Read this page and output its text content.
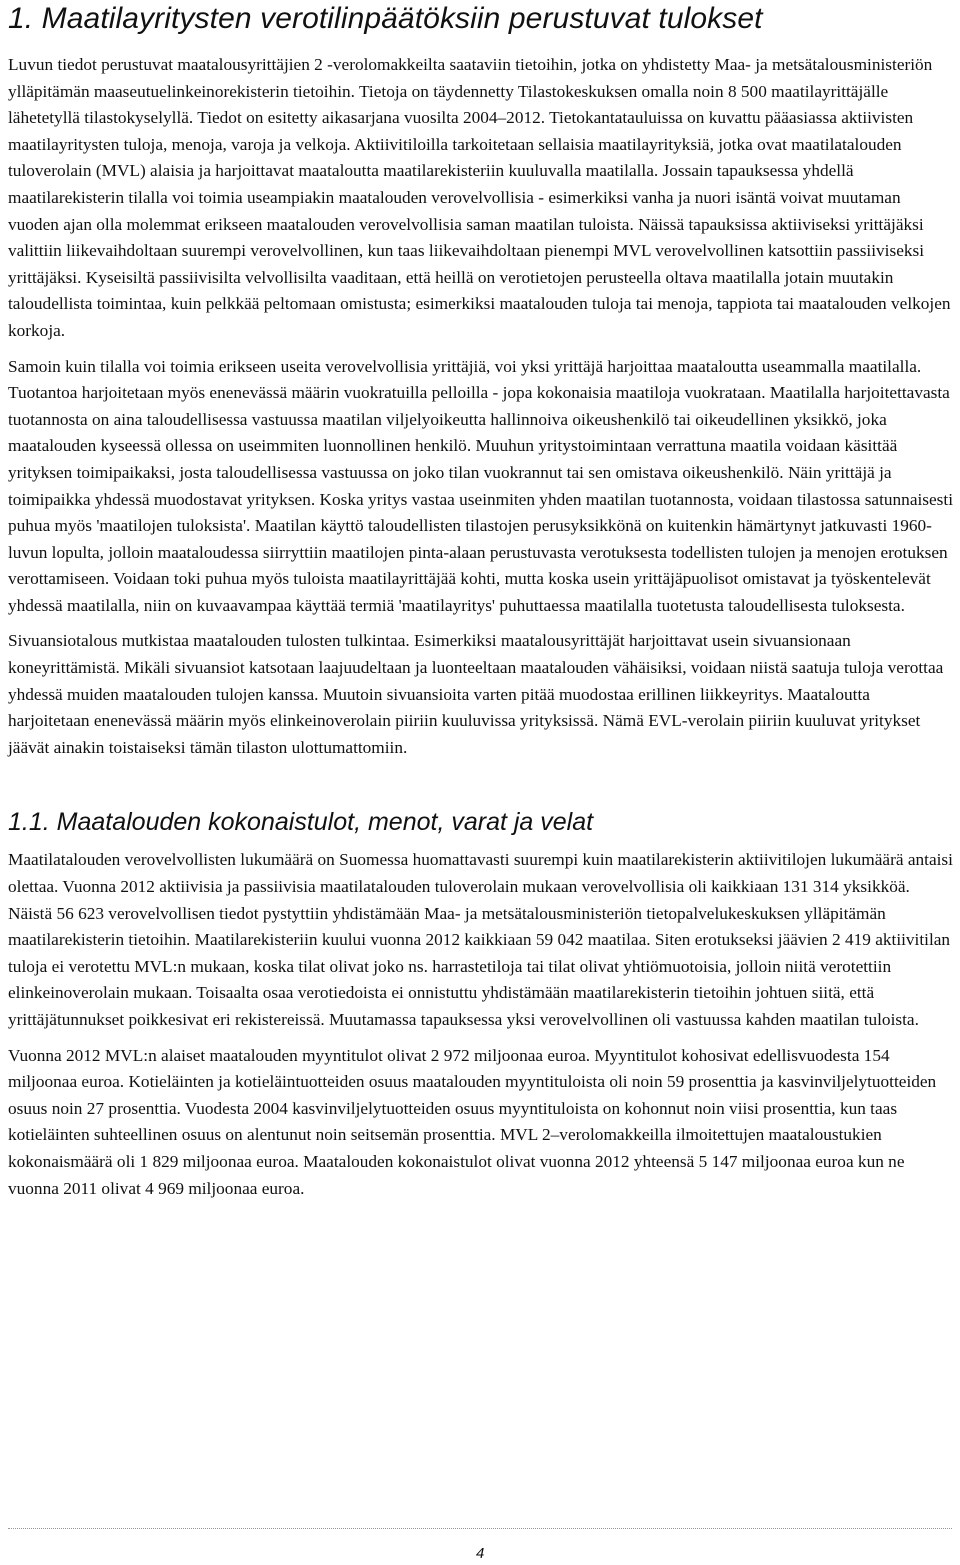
1. Maatilayritysten verotilinpäätöksiin perustuvat tulokset

Luvun tiedot perustuvat maatalousyrittäjien 2 -verolomakkeilta saataviin tietoihin, jotka on yhdistetty Maa- ja metsätalousministeriön ylläpitämän maaseutuelinkeinorekisterin tietoihin. Tietoja on täydennetty Tilastokeskuksen omalla noin 8 500 maatilayrittäjälle lähetetyllä tilastokyselyllä. Tiedot on esitetty aikasarjana vuosilta 2004–2012. Tietokantatauluissa on kuvattu pääasiassa aktiivisten maatilayritysten tuloja, menoja, varoja ja velkoja. Aktiivitiloilla tarkoitetaan sellaisia maatilayrityksiä, jotka ovat maatilatalouden tuloverolain (MVL) alaisia ja harjoittavat maataloutta maatilarekisteriin kuuluvalla maatilalla. Jossain tapauksessa yhdellä maatilarekisterin tilalla voi toimia useampiakin maatalouden verovelvollisia - esimerkiksi vanha ja nuori isäntä voivat muutaman vuoden ajan olla molemmat erikseen maatalouden verovelvollisia saman maatilan tuloista. Näissä tapauksissa aktiiviseksi yrittäjäksi valittiin liikevaihdoltaan suurempi verovelvollinen, kun taas liikevaihdoltaan pienempi MVL verovelvollinen katsottiin passiiviseksi yrittäjäksi. Kyseisiltä passiivisilta velvollisilta vaaditaan, että heillä on verotietojen perusteella oltava maatilalla jotain muutakin taloudellista toimintaa, kuin pelkkää peltomaan omistusta; esimerkiksi maatalouden tuloja tai menoja, tappiota tai maatalouden velkojen korkoja.

Samoin kuin tilalla voi toimia erikseen useita verovelvollisia yrittäjiä, voi yksi yrittäjä harjoittaa maataloutta useammalla maatilalla. Tuotantoa harjoitetaan myös enenevässä määrin vuokratuilla pelloilla - jopa kokonaisia maatiloja vuokrataan. Maatilalla harjoitettavasta tuotannosta on aina taloudellisessa vastuussa maatilan viljelyoikeutta hallinnoiva oikeushenkilö tai oikeudellinen yksikkö, joka maatalouden kyseessä ollessa on useimmiten luonnollinen henkilö. Muuhun yritystoimintaan verrattuna maatila voidaan käsittää yrityksen toimipaikaksi, josta taloudellisessa vastuussa on joko tilan vuokrannut tai sen omistava oikeushenkilö. Näin yrittäjä ja toimipaikka yhdessä muodostavat yrityksen. Koska yritys vastaa useinmiten yhden maatilan tuotannosta, voidaan tilastossa satunnaisesti puhua myös 'maatilojen tuloksista'. Maatilan käyttö taloudellisten tilastojen perusyksikkönä on kuitenkin hämärtynyt jatkuvasti 1960-luvun lopulta, jolloin maataloudessa siirryttiin maatilojen pinta-alaan perustuvasta verotuksesta todellisten tulojen ja menojen erotuksen verottamiseen. Voidaan toki puhua myös tuloista maatilayrittäjää kohti, mutta koska usein yrittäjäpuolisot omistavat ja työskentelevät yhdessä maatilalla, niin on kuvaavampaa käyttää termiä 'maatilayritys' puhuttaessa maatilalla tuotetusta taloudellisesta tuloksesta.

Sivuansiotalous mutkistaa maatalouden tulosten tulkintaa. Esimerkiksi maatalousyrittäjät harjoittavat usein sivuansionaan koneyrittämistä. Mikäli sivuansiot katsotaan laajuudeltaan ja luonteeltaan maatalouden vähäisiksi, voidaan niistä saatuja tuloja verottaa yhdessä muiden maatalouden tulojen kanssa. Muutoin sivuansioita varten pitää muodostaa erillinen liikkeyritys. Maataloutta harjoitetaan enenevässä määrin myös elinkeinoverolain piiriin kuuluvissa yrityksissä. Nämä EVL-verolain piiriin kuuluvat yritykset jäävät ainakin toistaiseksi tämän tilaston ulottumattomiin.

1.1. Maatalouden kokonaistulot, menot, varat ja velat

Maatilatalouden verovelvollisten lukumäärä on Suomessa huomattavasti suurempi kuin maatilarekisterin aktiivitilojen lukumäärä antaisi olettaa. Vuonna 2012 aktiivisia ja passiivisia maatilatalouden tuloverolain mukaan verovelvollisia oli kaikkiaan 131 314 yksikköä. Näistä 56 623 verovelvollisen tiedot pystyttiin yhdistämään Maa- ja metsätalousministeriön tietopalvelukeskuksen ylläpitämän maatilarekisterin tietoihin. Maatilarekisteriin kuului vuonna 2012 kaikkiaan 59 042 maatilaa. Siten erotukseksi jäävien 2 419 aktiivitilan tuloja ei verotettu MVL:n mukaan, koska tilat olivat joko ns. harrastetiloja tai tilat olivat yhtiömuotoisia, jolloin niitä verotettiin elinkeinoverolain mukaan. Toisaalta osaa verotiedoista ei onnistuttu yhdistämään maatilarekisterin tietoihin johtuen siitä, että yrittäjätunnukset poikkesivat eri rekistereissä. Muutamassa tapauksessa yksi verovelvollinen oli vastuussa kahden maatilan tuloista.

Vuonna 2012 MVL:n alaiset maatalouden myyntitulot olivat 2 972 miljoonaa euroa. Myyntitulot kohosivat edellisvuodesta 154 miljoonaa euroa. Kotieläinten ja kotieläintuotteiden osuus maatalouden myyntituloista oli noin 59 prosenttia ja kasvinviljelytuotteiden osuus noin 27 prosenttia. Vuodesta 2004 kasvinviljelytuotteiden osuus myyntituloista on kohonnut noin viisi prosenttia, kun taas kotieläinten suhteellinen osuus on alentunut noin seitsemän prosenttia. MVL 2–verolomakkeilla ilmoitettujen maataloustukien kokonaismäärä oli 1 829 miljoonaa euroa. Maatalouden kokonaistulot olivat vuonna 2012 yhteensä 5 147 miljoonaa euroa kun ne vuonna 2011 olivat 4 969 miljoonaa euroa.

4
